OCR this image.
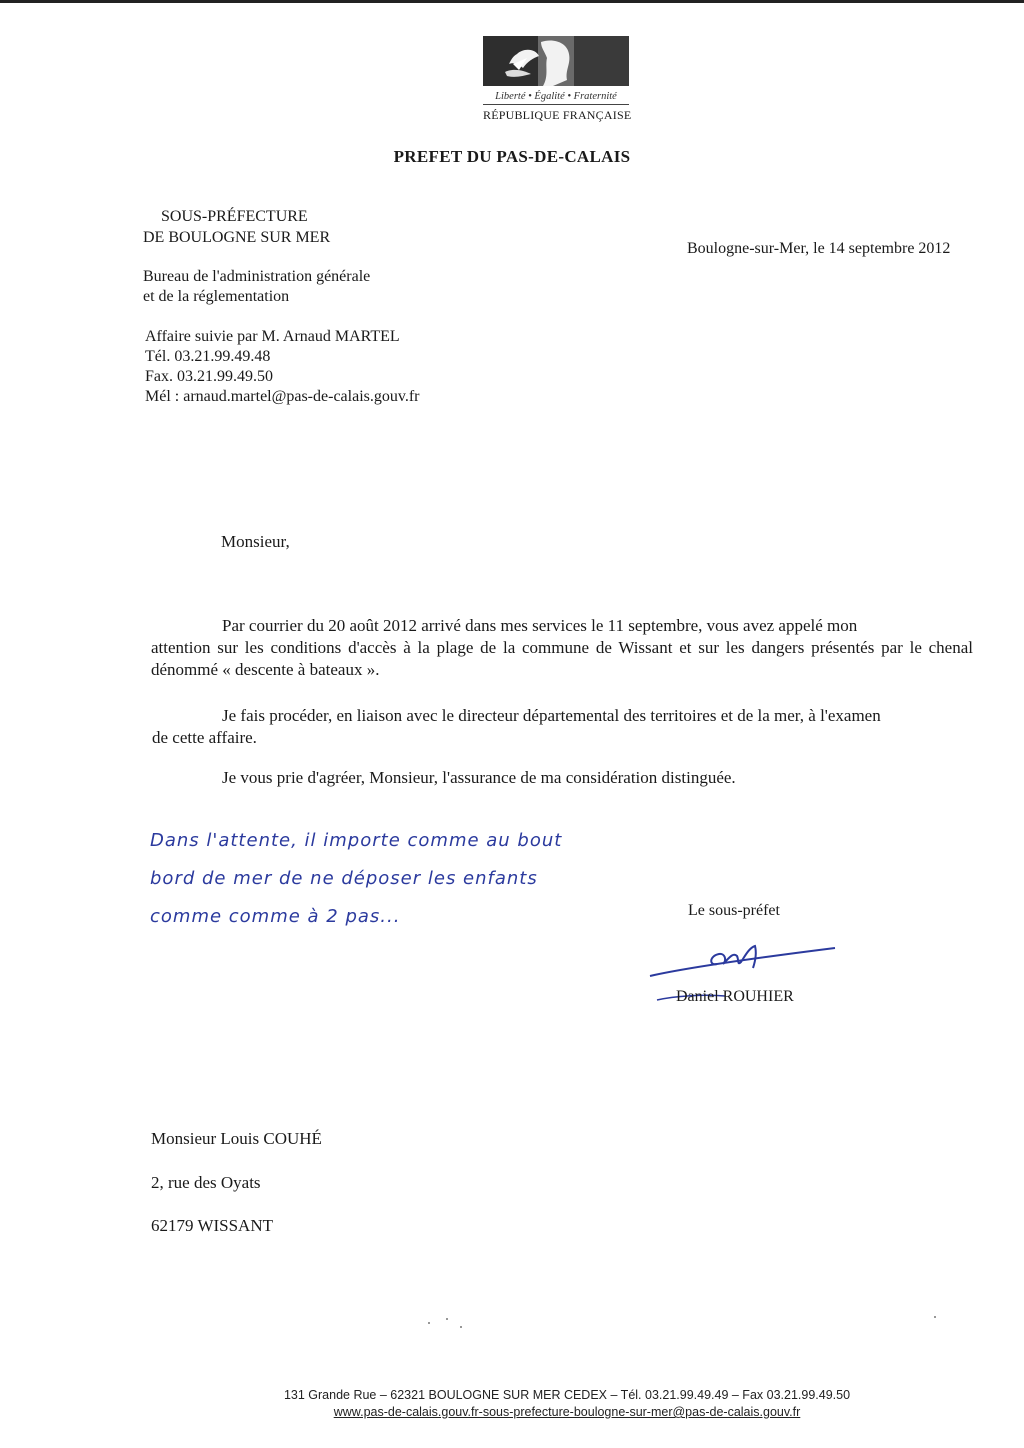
Liberté • Égalité • Fraternité
RÉPUBLIQUE FRANÇAISE
PREFET DU PAS-DE-CALAIS
SOUS-PRÉFECTURE
DE BOULOGNE SUR MER
Bureau de l'administration générale
et de la réglementation
Affaire suivie par M. Arnaud MARTEL
Tél. 03.21.99.49.48
Fax. 03.21.99.49.50
Mél : arnaud.martel@pas-de-calais.gouv.fr
Boulogne-sur-Mer, le 14 septembre 2012
Monsieur,
Par courrier du 20 août 2012 arrivé dans mes services le 11 septembre, vous avez appelé mon
attention sur les conditions d'accès à la plage de la commune de Wissant et sur les dangers présentés par le chenal dénommé « descente à bateaux ».
Je fais procéder, en liaison avec le directeur départemental des territoires et de la mer, à l'examen
de cette affaire.
Je vous prie d'agréer, Monsieur, l'assurance de ma considération distinguée.
Dans l'attente, il importe comme au bout
bord de mer de ne déposer les enfants
comme comme à 2 pas...	Le sous-préfet
Daniel ROUHIER
Monsieur Louis COUHÉ
2, rue des Oyats
62179 WISSANT
131 Grande Rue – 62321 BOULOGNE SUR MER CEDEX – Tél. 03.21.99.49.49 – Fax 03.21.99.49.50
www.pas-de-calais.gouv.fr-sous-prefecture-boulogne-sur-mer@pas-de-calais.gouv.fr
